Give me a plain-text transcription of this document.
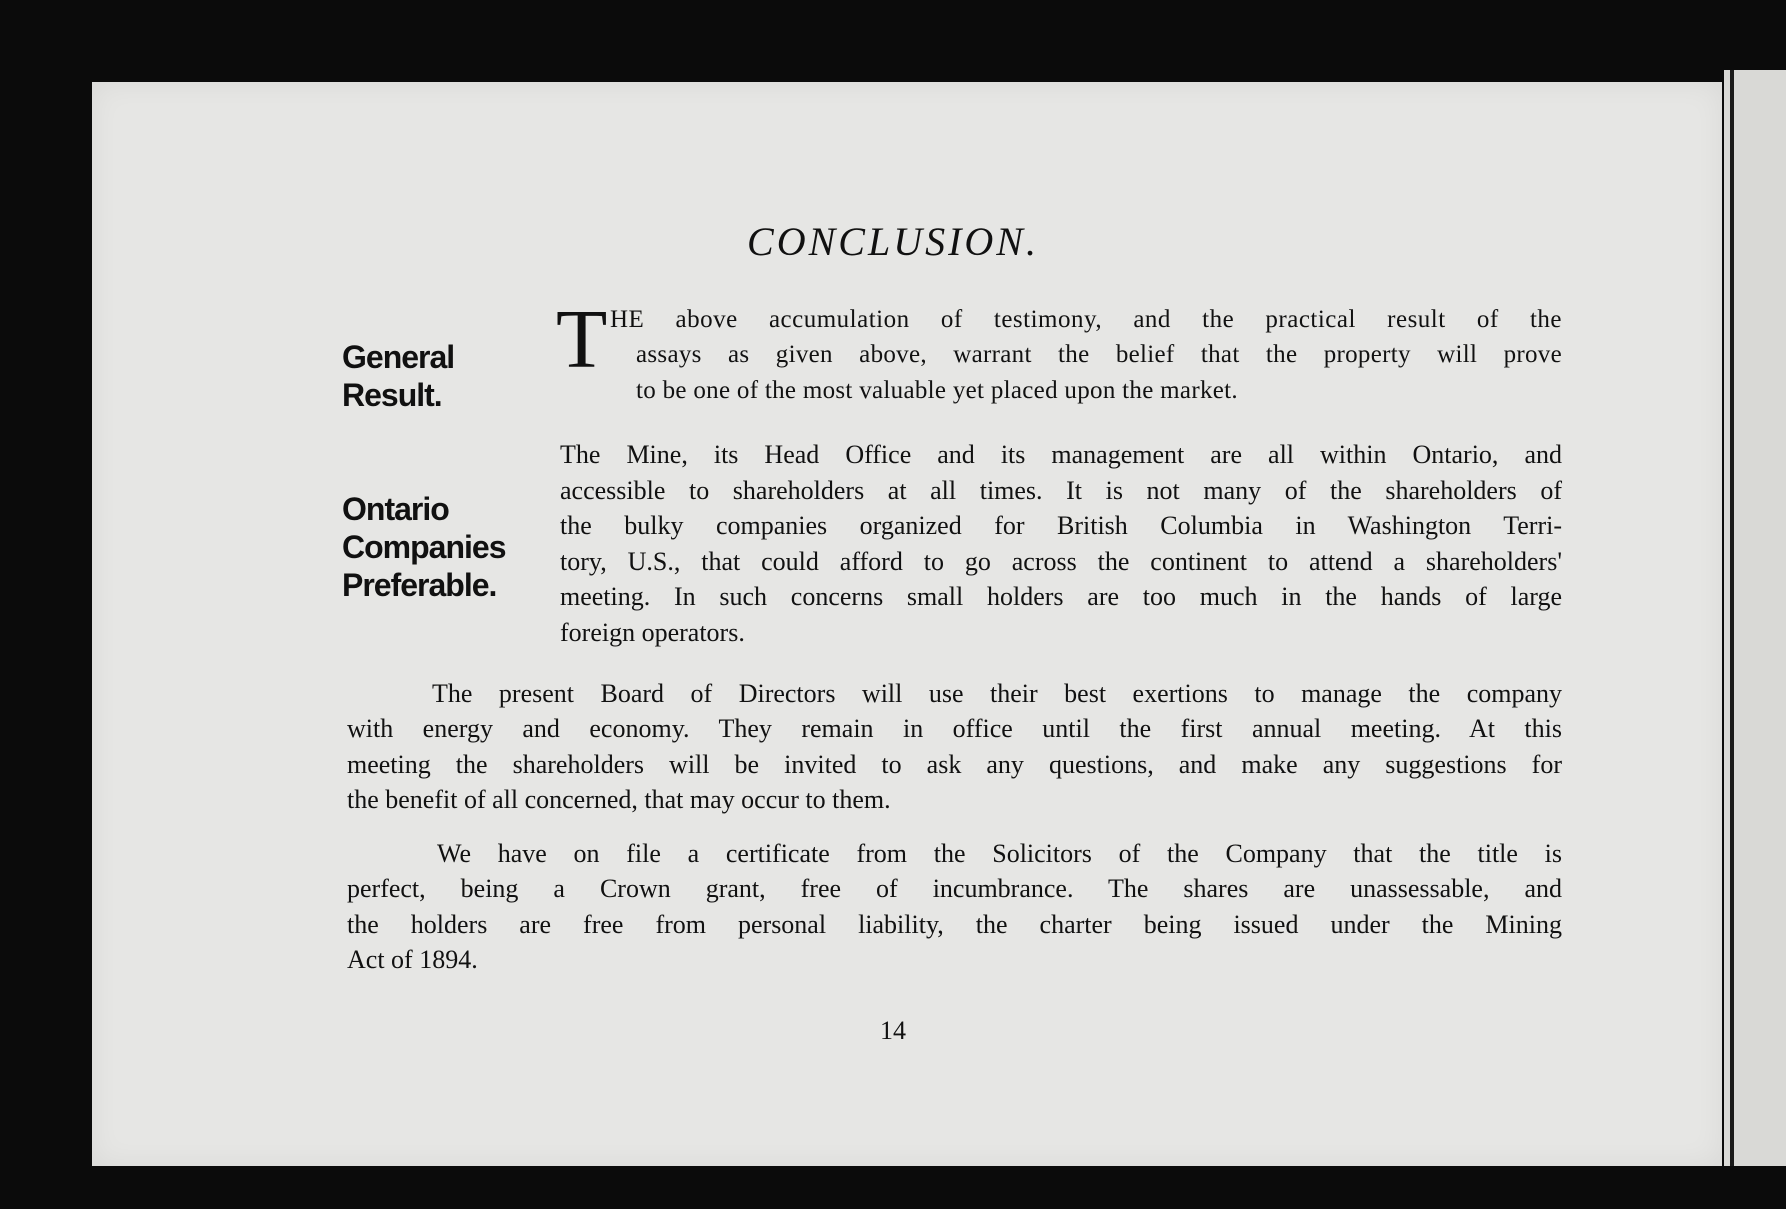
CONCLUSION.
General
Result.
Ontario
Companies
Preferable.
T HE above accumulation of testimony, and the practical result of the
assays as given above, warrant the belief that the property will prove
to be one of the most valuable yet placed upon the market.
The Mine, its Head Office and its management are all within Ontario, and
accessible to shareholders at all times. It is not many of the shareholders of
the bulky companies organized for British Columbia in Washington Terri-
tory, U.S., that could afford to go across the continent to attend a shareholders'
meeting. In such concerns small holders are too much in the hands of large
foreign operators.
The present Board of Directors will use their best exertions to manage the company
with energy and economy. They remain in office until the first annual meeting. At this
meeting the shareholders will be invited to ask any questions, and make any suggestions for
the benefit of all concerned, that may occur to them.
We have on file a certificate from the Solicitors of the Company that the title is
perfect, being a Crown grant, free of incumbrance. The shares are unassessable, and
the holders are free from personal liability, the charter being issued under the Mining
Act of 1894.
14
